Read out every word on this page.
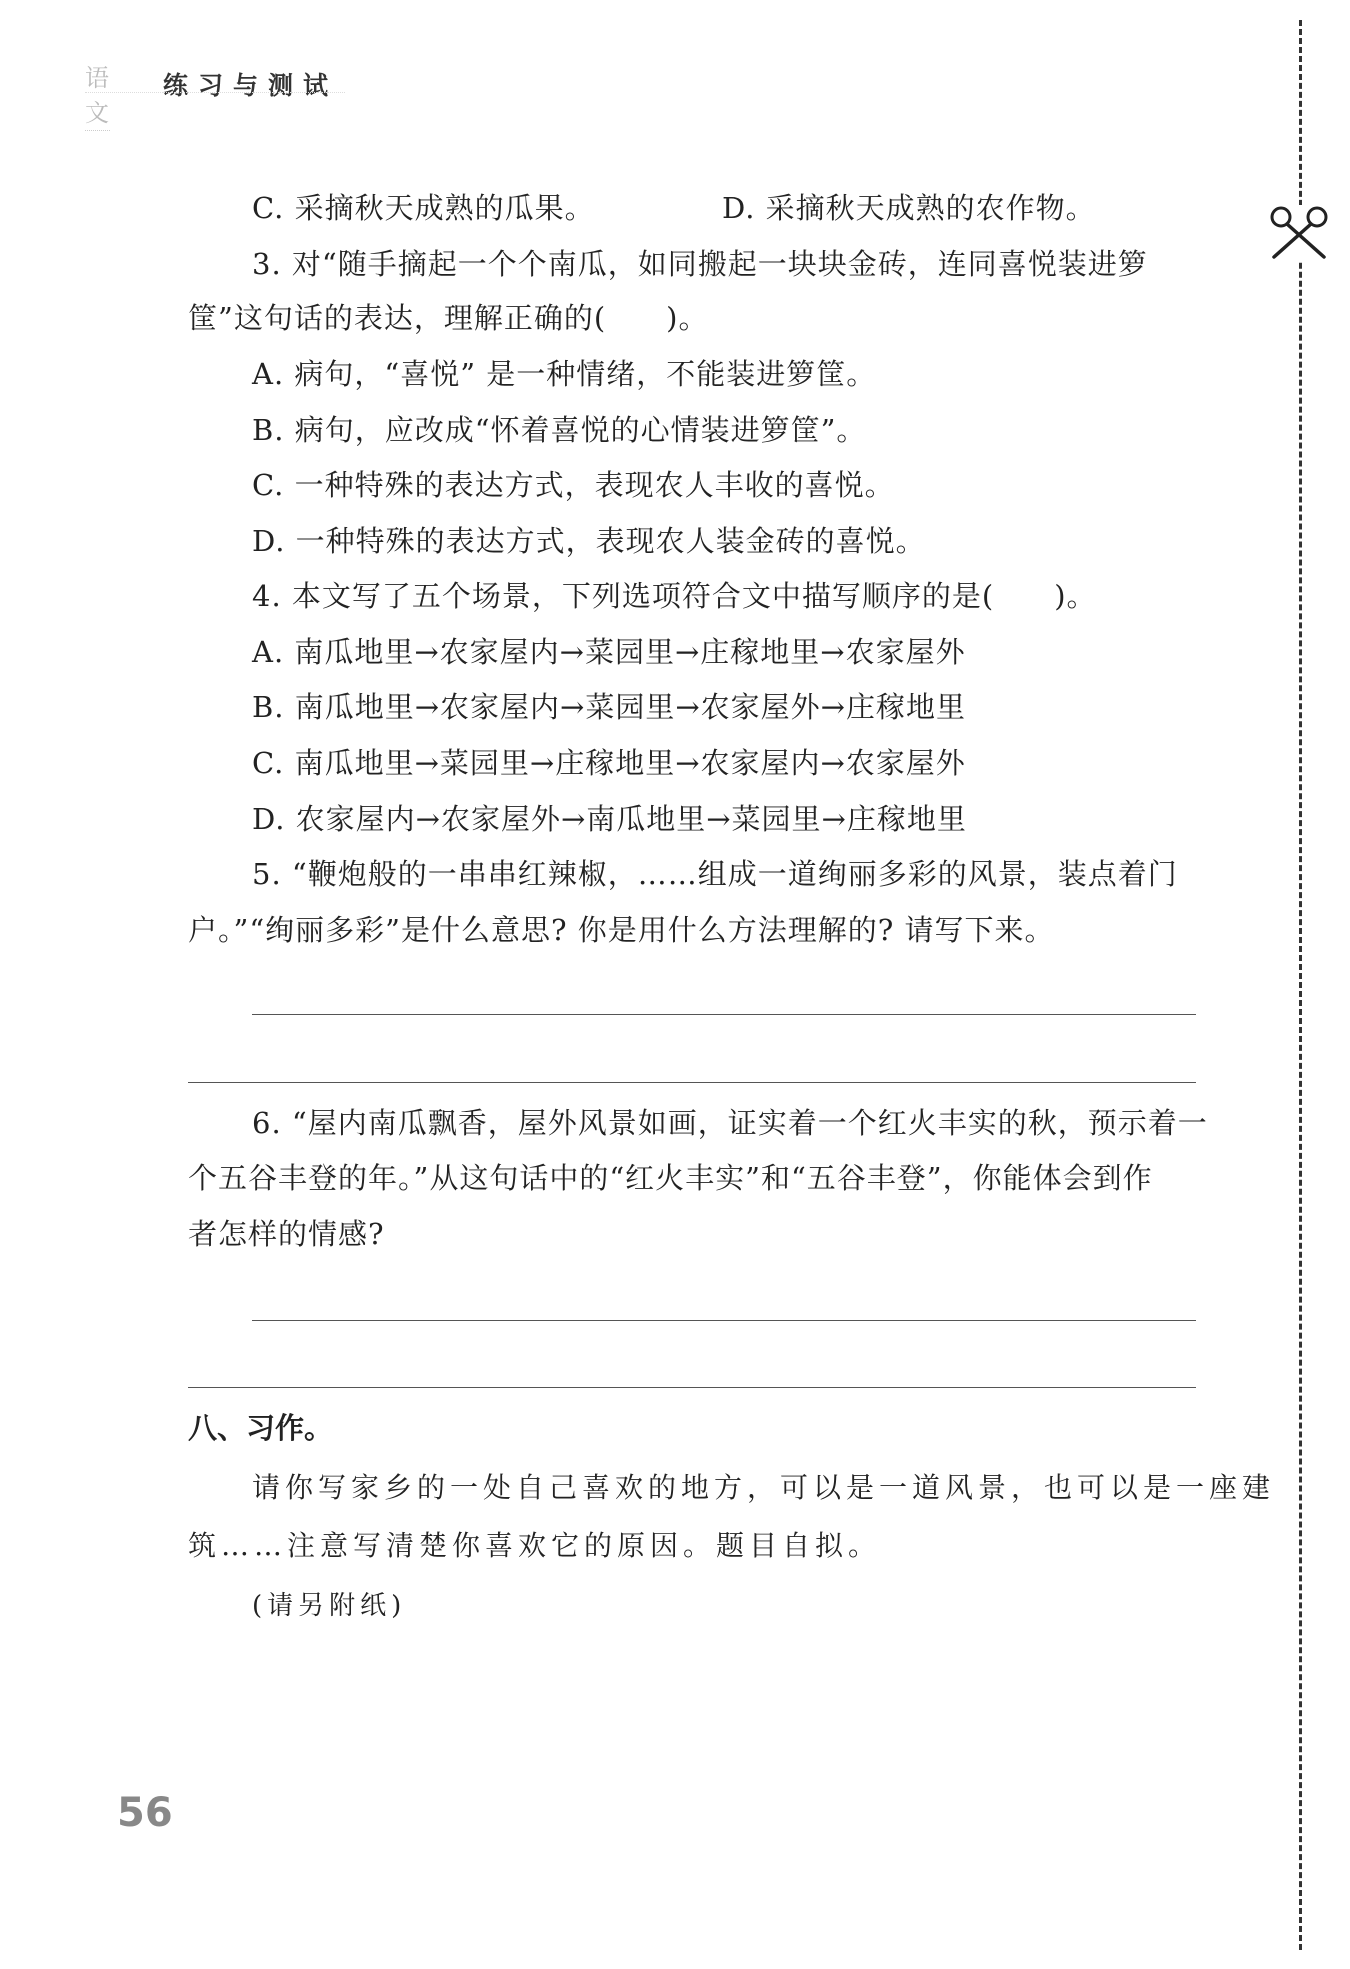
语文
练习与测试
C. 采摘秋天成熟的瓜果。	D. 采摘秋天成熟的农作物。
3. 对“随手摘起一个个南瓜，如同搬起一块块金砖，连同喜悦装进箩
筐”这句话的表达，理解正确的(　　)。
A. 病句，“喜悦” 是一种情绪，不能装进箩筐。
B. 病句，应改成“怀着喜悦的心情装进箩筐”。
C. 一种特殊的表达方式，表现农人丰收的喜悦。
D. 一种特殊的表达方式，表现农人装金砖的喜悦。
4. 本文写了五个场景，下列选项符合文中描写顺序的是(　　)。
A. 南瓜地里→农家屋内→菜园里→庄稼地里→农家屋外
B. 南瓜地里→农家屋内→菜园里→农家屋外→庄稼地里
C. 南瓜地里→菜园里→庄稼地里→农家屋内→农家屋外
D. 农家屋内→农家屋外→南瓜地里→菜园里→庄稼地里
5. “鞭炮般的一串串红辣椒，……组成一道绚丽多彩的风景，装点着门
户。”“绚丽多彩”是什么意思? 你是用什么方法理解的? 请写下来。
6. “屋内南瓜飘香，屋外风景如画，证实着一个红火丰实的秋，预示着一
个五谷丰登的年。”从这句话中的“红火丰实”和“五谷丰登”，你能体会到作
者怎样的情感?
八、习作。
请你写家乡的一处自己喜欢的地方，可以是一道风景，也可以是一座建
筑……注意写清楚你喜欢它的原因。题目自拟。
(请另附纸)
56
